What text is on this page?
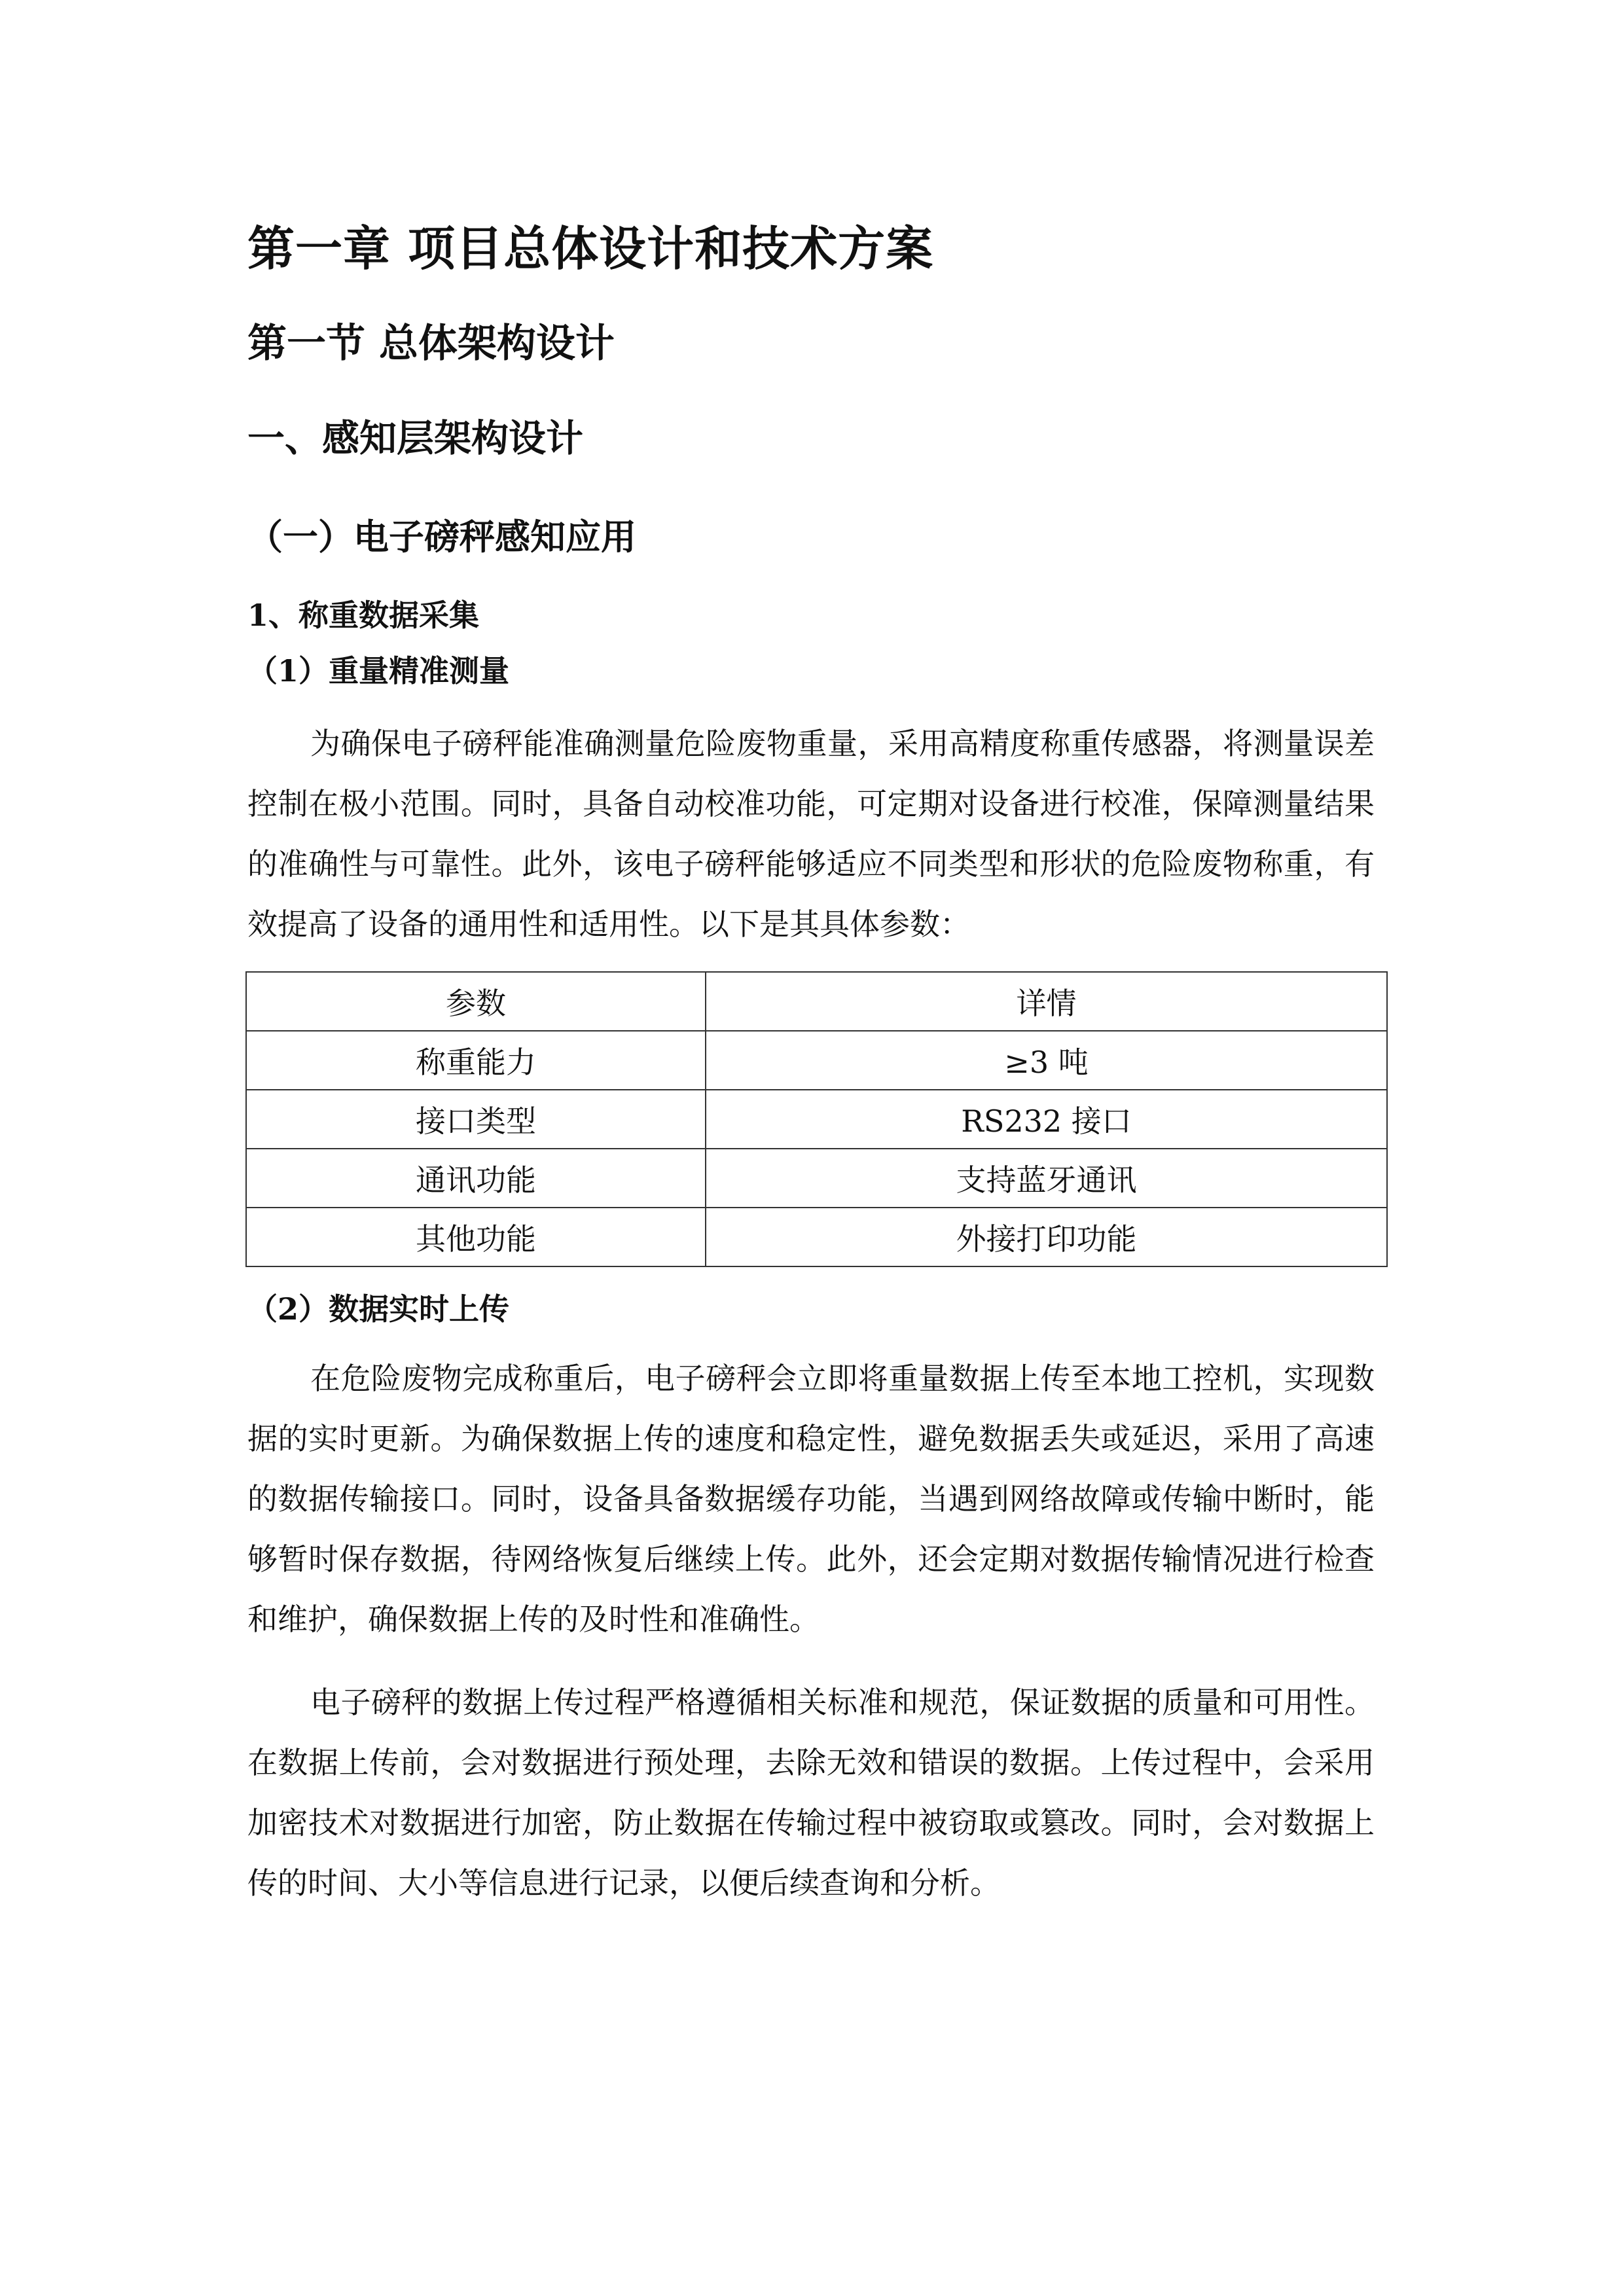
第一章 项目总体设计和技术方案
第一节 总体架构设计
一、感知层架构设计
（一）电子磅秤感知应用
1、称重数据采集
（1）重量精准测量

为确保电子磅秤能准确测量危险废物重量，采用高精度称重传感器，将测量误差控制在极小范围。同时，具备自动校准功能，可定期对设备进行校准，保障测量结果的准确性与可靠性。此外，该电子磅秤能够适应不同类型和形状的危险废物称重，有效提高了设备的通用性和适用性。以下是其具体参数：

参数	详情
称重能力	≥3 吨
接口类型	RS232 接口
通讯功能	支持蓝牙通讯
其他功能	外接打印功能
（2）数据实时上传

在危险废物完成称重后，电子磅秤会立即将重量数据上传至本地工控机，实现数据的实时更新。为确保数据上传的速度和稳定性，避免数据丢失或延迟，采用了高速的数据传输接口。同时，设备具备数据缓存功能，当遇到网络故障或传输中断时，能够暂时保存数据，待网络恢复后继续上传。此外，还会定期对数据传输情况进行检查和维护，确保数据上传的及时性和准确性。

电子磅秤的数据上传过程严格遵循相关标准和规范，保证数据的质量和可用性。在数据上传前，会对数据进行预处理，去除无效和错误的数据。上传过程中，会采用加密技术对数据进行加密，防止数据在传输过程中被窃取或篡改。同时，会对数据上传的时间、大小等信息进行记录，以便后续查询和分析。
